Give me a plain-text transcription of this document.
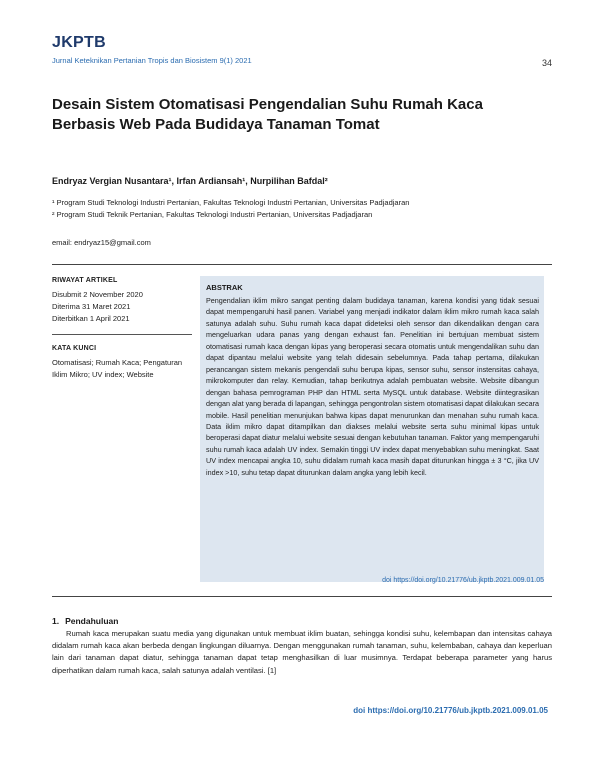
JKPTB
Jurnal Keteknikan Pertanian Tropis dan Biosistem 9(1) 2021	34
Desain Sistem Otomatisasi Pengendalian Suhu Rumah Kaca Berbasis Web Pada Budidaya Tanaman Tomat
Endryaz Vergian Nusantara¹, Irfan Ardiansah¹, Nurpilihan Bafdal²
¹ Program Studi Teknologi Industri Pertanian, Fakultas Teknologi Industri Pertanian, Universitas Padjadjaran
² Program Studi Teknik Pertanian, Fakultas Teknologi Industri Pertanian, Universitas Padjadjaran
email: endryaz15@gmail.com
RIWAYAT ARTIKEL
Disubmit 2 November 2020
Diterima 31 Maret 2021
Diterbitkan 1 April 2021
KATA KUNCI
Otomatisasi; Rumah Kaca; Pengaturan Iklim Mikro; UV index; Website
ABSTRAK
Pengendalian iklim mikro sangat penting dalam budidaya tanaman, karena kondisi yang tidak sesuai dapat mempengaruhi hasil panen. Variabel yang menjadi indikator dalam iklim mikro rumah kaca salah satunya adalah suhu. Suhu rumah kaca dapat dideteksi oleh sensor dan dikendalikan dengan cara mengeluarkan udara panas yang dengan exhaust fan. Penelitian ini bertujuan membuat sistem otomatisasi rumah kaca dengan kipas yang beroperasi secara otomatis untuk mengendalikan suhu dan dapat dipantau melalui website yang telah didesain sebelumnya. Pada tahap pertama, dilakukan perancangan sistem mekanis pengendali suhu berupa kipas, sensor suhu, sensor instensitas cahaya, mikrokomputer dan relay. Kemudian, tahap berikutnya adalah pembuatan website. Website dibangun dengan bahasa pemrograman PHP dan HTML serta MySQL untuk database. Website diintegrasikan dengan alat yang berada di lapangan, sehingga pengontrolan sistem otomatisasi dapat dilakukan secara mobile. Hasil penelitian menunjukan bahwa kipas dapat menurunkan dan menahan suhu rumah kaca. Data iklim mikro dapat ditampilkan dan diakses melalui website serta suhu minimal kipas untuk beroperasi dapat diatur melalui website sesuai dengan kebutuhan tanaman. Faktor yang mempengaruhi suhu rumah kaca adalah UV index. Semakin tinggi UV index dapat menyebabkan suhu meningkat. Saat UV index mencapai angka 10, suhu didalam rumah kaca masih dapat diturunkan hingga ± 3 °C, jika UV index >10, suhu tetap dapat diturunkan dalam angka yang lebih kecil.
doi https://doi.org/10.21776/ub.jkptb.2021.009.01.05
1. Pendahuluan
Rumah kaca merupakan suatu media yang digunakan untuk membuat iklim buatan, sehingga kondisi suhu, kelembapan dan intensitas cahaya didalam rumah kaca akan berbeda dengan lingkungan diluarnya. Dengan menggunakan rumah tanaman, suhu, kelembaban, cahaya dan keperluan lain dari tanaman dapat diatur, sehingga tanaman dapat tetap menghasilkan di luar musimnya. Terdapat beberapa parameter yang harus diperhatikan dalam rumah kaca, salah satunya adalah ventilasi. [1]
doi https://doi.org/10.21776/ub.jkptb.2021.009.01.05
